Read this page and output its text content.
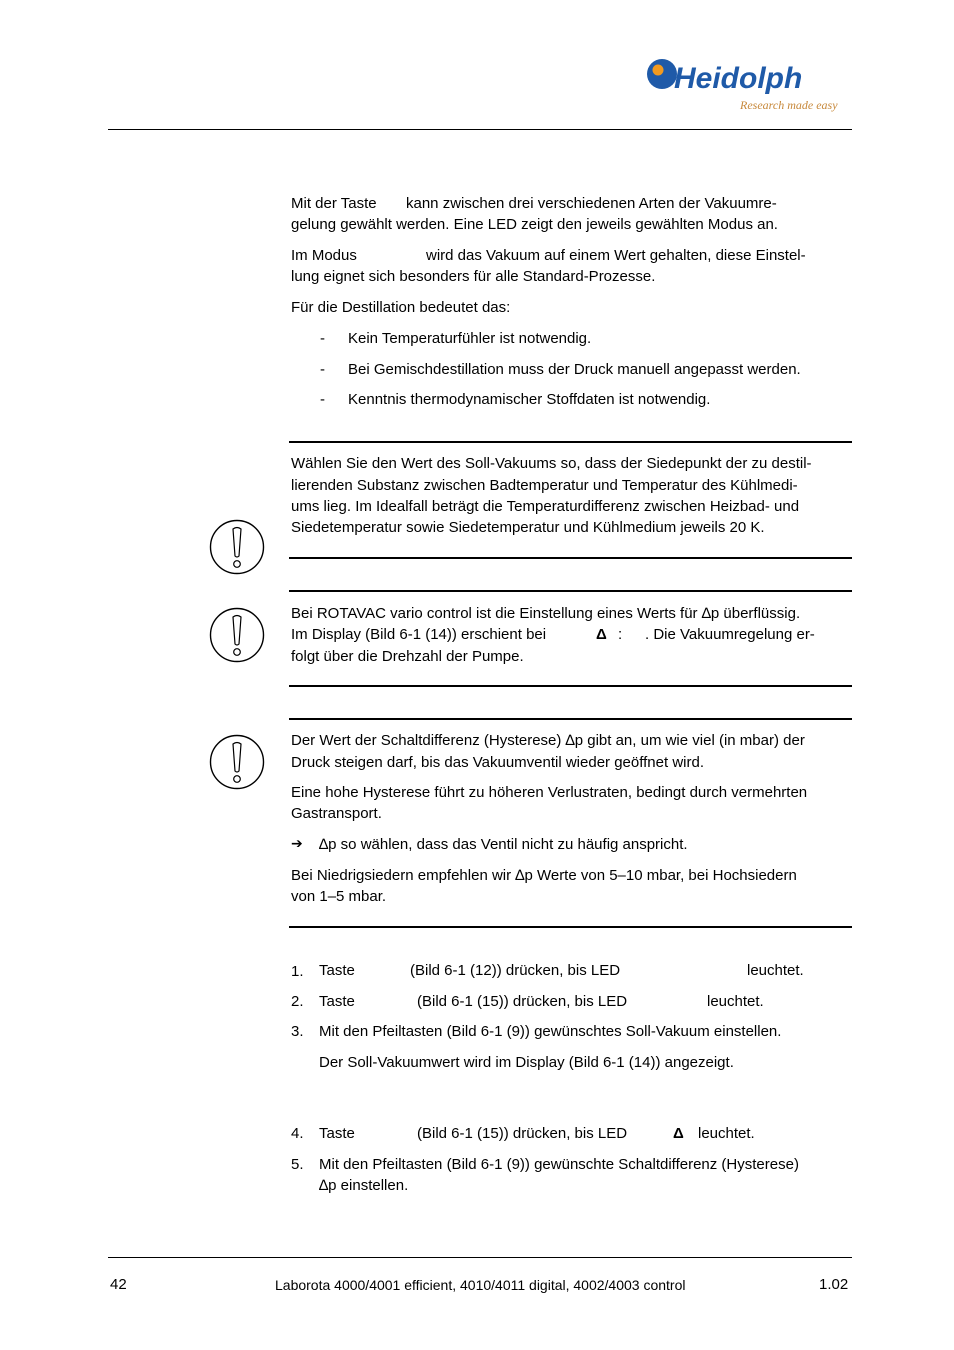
Heidolph
Research made easy
Mit der Taste kann zwischen drei verschiedenen Arten der Vakuumre-
gelung gewählt werden. Eine LED zeigt den jeweils gewählten Modus an.
Im Modus	wird das Vakuum auf einem Wert gehalten, diese Einstel-
lung eignet sich besonders für alle Standard-Prozesse.
Für die Destillation bedeutet das:
- Kein Temperaturfühler ist notwendig.
- Bei Gemischdestillation muss der Druck manuell angepasst werden.
- Kenntnis thermodynamischer Stoffdaten ist notwendig.
Wählen Sie den Wert des Soll-Vakuums so, dass der Siedepunkt der zu destil-
lierenden Substanz zwischen Badtemperatur und Temperatur des Kühlmedi-
ums lieg. Im Idealfall beträgt die Temperaturdifferenz zwischen Heizbad- und
Siedetemperatur sowie Siedetemperatur und Kühlmedium jeweils 20 K.
Bei ROTAVAC vario control ist die Einstellung eines Werts für ∆p überflüssig.
Im Display (Bild 6-1 (14)) erschient bei	Δ : . Die Vakuumregelung er-
folgt über die Drehzahl der Pumpe.
Der Wert der Schaltdifferenz (Hysterese) ∆p gibt an, um wie viel (in mbar) der
Druck steigen darf, bis das Vakuumventil wieder geöffnet wird.
Eine hohe Hysterese führt zu höheren Verlustraten, bedingt durch vermehrten
Gastransport.
➔ ∆p so wählen, dass das Ventil nicht zu häufig anspricht.
Bei Niedrigsiedern empfehlen wir ∆p Werte von 5–10 mbar, bei Hochsiedern
von 1–5 mbar.
1. Taste	(Bild 6-1 (12)) drücken, bis LED	leuchtet.
2. Taste	(Bild 6-1 (15)) drücken, bis LED	leuchtet.
3. Mit den Pfeiltasten (Bild 6-1 (9)) gewünschtes Soll-Vakuum einstellen.
Der Soll-Vakuumwert wird im Display (Bild 6-1 (14)) angezeigt.
4. Taste	(Bild 6-1 (15)) drücken, bis LED	Δ leuchtet.
5. Mit den Pfeiltasten (Bild 6-1 (9)) gewünschte Schaltdifferenz (Hysterese)
∆p einstellen.
42	Laborota 4000/4001 efficient, 4010/4011 digital, 4002/4003 control	1.02
